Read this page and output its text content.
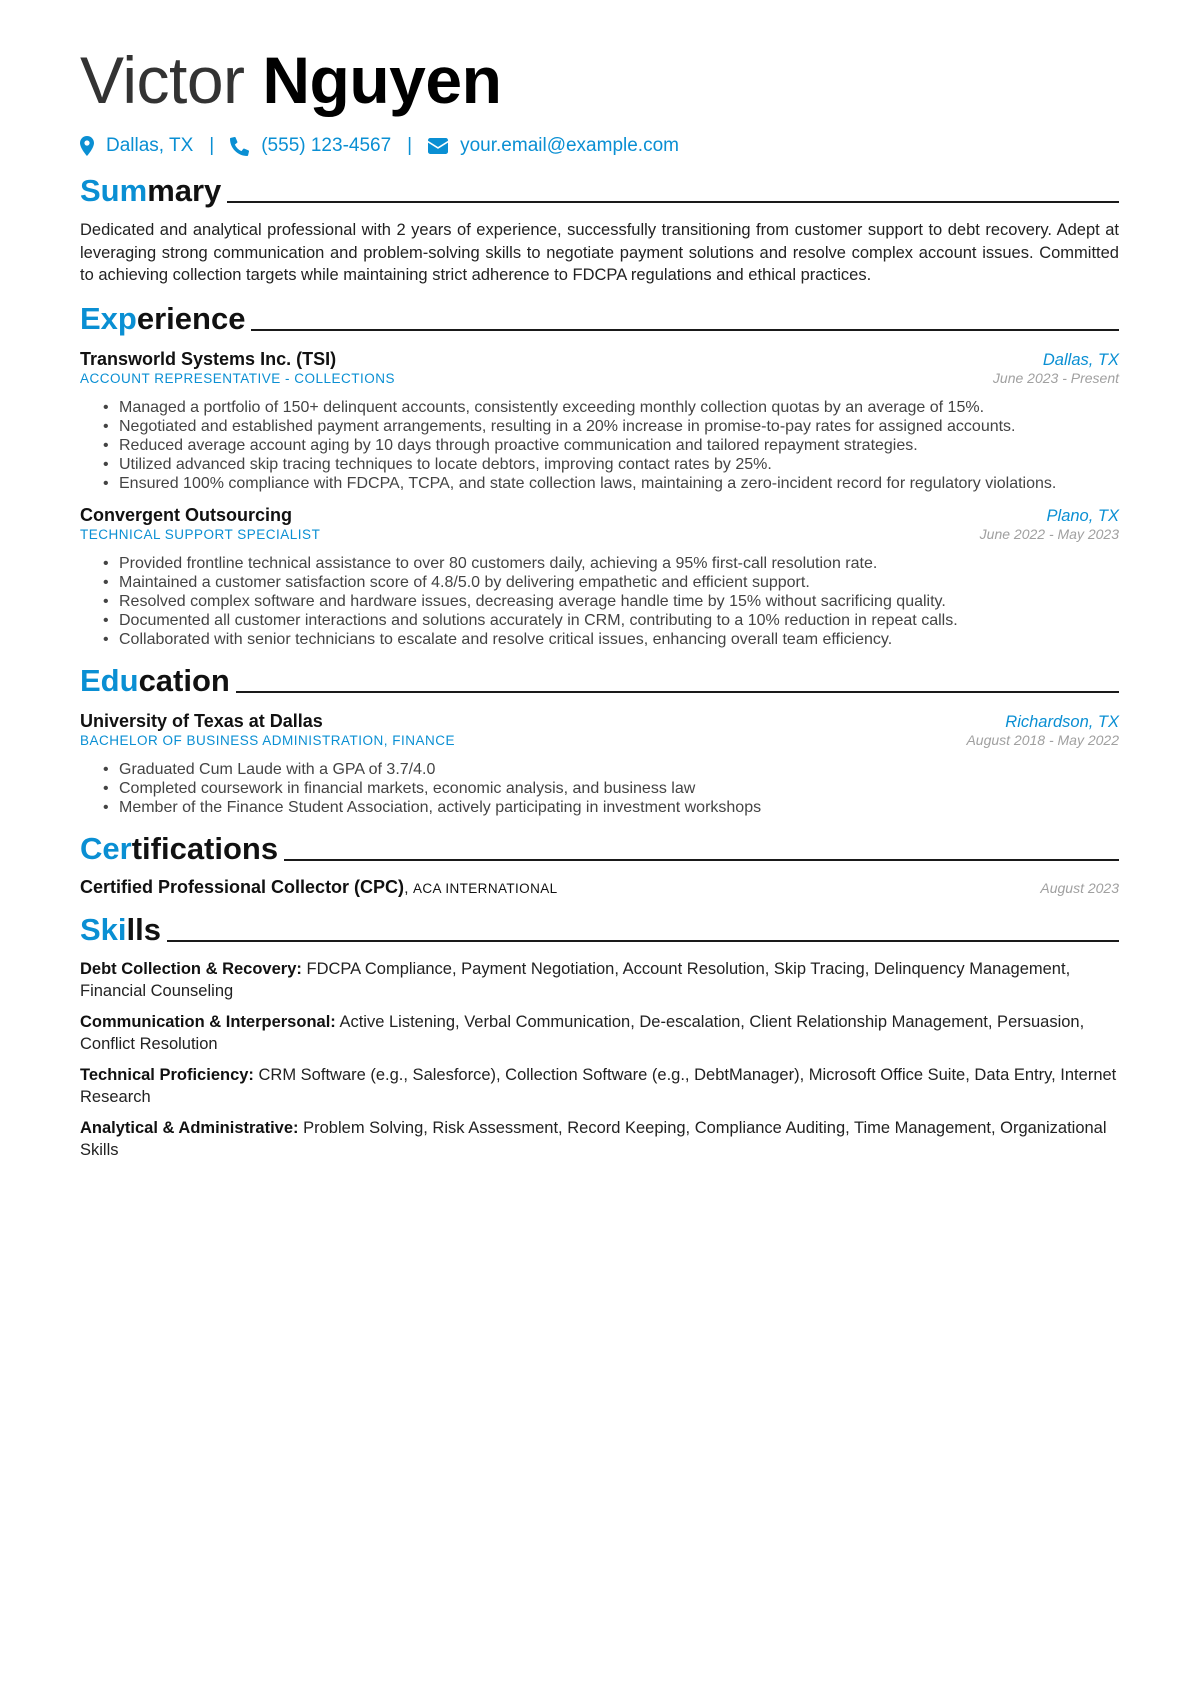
Victor Nguyen
Dallas, TX | (555) 123-4567 |	your.email@example.com
Summary
Dedicated and analytical professional with 2 years of experience, successfully transitioning from customer support to debt recovery. Adept at leveraging strong communication and problem-solving skills to negotiate payment solutions and resolve complex account issues. Committed to achieving collection targets while maintaining strict adherence to FDCPA regulations and ethical practices.
Experience
Transworld Systems Inc. (TSI)	Dallas, TX
ACCOUNT REPRESENTATIVE - COLLECTIONS	June 2023 - Present
• Managed a portfolio of 150+ delinquent accounts, consistently exceeding monthly collection quotas by an average of 15%.
• Negotiated and established payment arrangements, resulting in a 20% increase in promise-to-pay rates for assigned accounts.
• Reduced average account aging by 10 days through proactive communication and tailored repayment strategies.
• Utilized advanced skip tracing techniques to locate debtors, improving contact rates by 25%.
• Ensured 100% compliance with FDCPA, TCPA, and state collection laws, maintaining a zero-incident record for regulatory violations.
Convergent Outsourcing	Plano, TX
TECHNICAL SUPPORT SPECIALIST	June 2022 - May 2023
• Provided frontline technical assistance to over 80 customers daily, achieving a 95% first-call resolution rate.
• Maintained a customer satisfaction score of 4.8/5.0 by delivering empathetic and efficient support.
• Resolved complex software and hardware issues, decreasing average handle time by 15% without sacrificing quality.
• Documented all customer interactions and solutions accurately in CRM, contributing to a 10% reduction in repeat calls.
• Collaborated with senior technicians to escalate and resolve critical issues, enhancing overall team efficiency.
Education
University of Texas at Dallas	Richardson, TX
BACHELOR OF BUSINESS ADMINISTRATION, FINANCE	August 2018 - May 2022
• Graduated Cum Laude with a GPA of 3.7/4.0
• Completed coursework in financial markets, economic analysis, and business law
• Member of the Finance Student Association, actively participating in investment workshops
Certifications
Certified Professional Collector (CPC), ACA INTERNATIONAL	August 2023
Skills
Debt Collection & Recovery: FDCPA Compliance, Payment Negotiation, Account Resolution, Skip Tracing, Delinquency Management, Financial Counseling
Communication & Interpersonal: Active Listening, Verbal Communication, De-escalation, Client Relationship Management, Persuasion, Conflict Resolution
Technical Proficiency: CRM Software (e.g., Salesforce), Collection Software (e.g., DebtManager), Microsoft Office Suite, Data Entry, Internet Research
Analytical & Administrative: Problem Solving, Risk Assessment, Record Keeping, Compliance Auditing, Time Management, Organizational Skills
